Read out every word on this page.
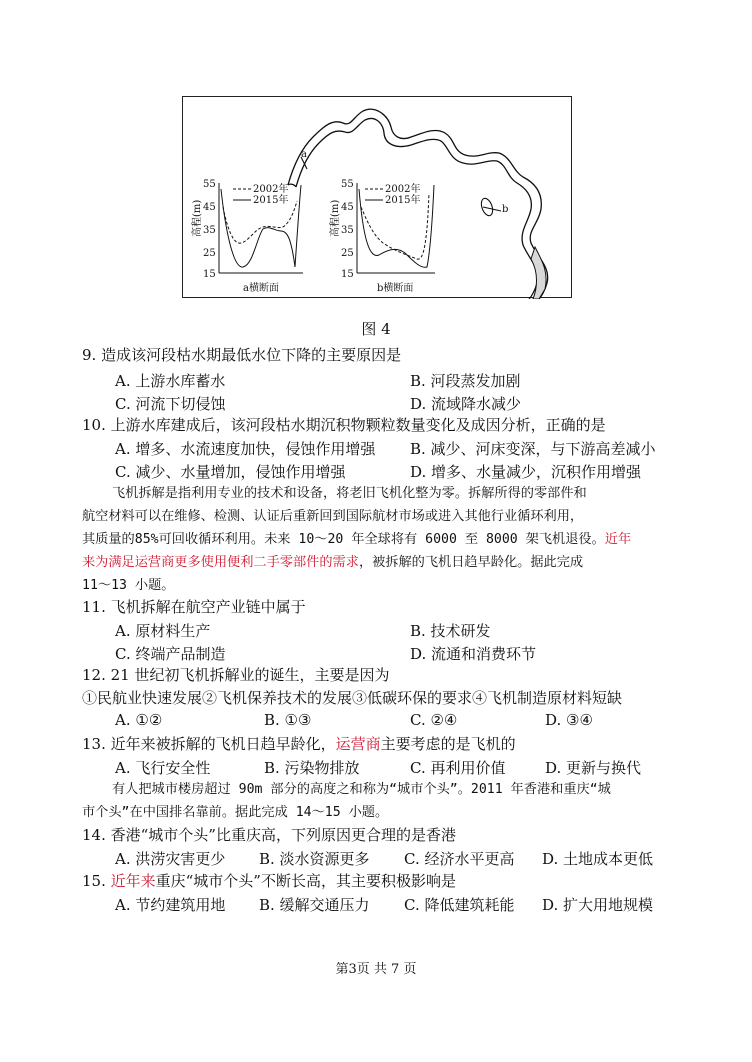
a
b
55
45
35
25
15
高程(m)
2002年
2015年
a横断面
55
45
35
25
15
高程(m)
2002年
2015年
b横断面
图 4
9. 造成该河段枯水期最低水位下降的主要原因是
A. 上游水库蓄水	B. 河段蒸发加剧
C. 河流下切侵蚀	D. 流域降水减少
10. 上游水库建成后，该河段枯水期沉积物颗粒数量变化及成因分析，正确的是
A. 增多、水流速度加快，侵蚀作用增强 B. 减少、河床变深，与下游高差减小
C. 减少、水量增加，侵蚀作用增强	D. 增多、水量减少，沉积作用增强
飞机拆解是指利用专业的技术和设备，将老旧飞机化整为零。拆解所得的零部件和
航空材料可以在维修、检测、认证后重新回到国际航材市场或进入其他行业循环利用，
其质量的85%可回收循环利用。未来 10～20 年全球将有 6000 至 8000 架飞机退役。近年
来为满足运营商更多使用便利二手零部件的需求，被拆解的飞机日趋早龄化。据此完成
11～13 小题。
11. 飞机拆解在航空产业链中属于
A. 原材料生产	B. 技术研发
C. 终端产品制造	D. 流通和消费环节
12. 21 世纪初飞机拆解业的诞生，主要是因为
①民航业快速发展②飞机保养技术的发展③低碳环保的要求④飞机制造原材料短缺
A. ①②	B. ①③	C. ②④	D. ③④
13. 近年来被拆解的飞机日趋早龄化，运营商主要考虑的是飞机的
A. 飞行安全性	B. 污染物排放	C. 再利用价值	D. 更新与换代
有人把城市楼房超过 90m 部分的高度之和称为“城市个头”。2011 年香港和重庆“城
市个头”在中国排名靠前。据此完成 14～15 小题。
14. 香港“城市个头”比重庆高，下列原因更合理的是香港
A. 洪涝灾害更少 B. 淡水资源更多 C. 经济水平更高 D. 土地成本更低
15. 近年来重庆“城市个头”不断长高，其主要积极影响是
A. 节约建筑用地 B. 缓解交通压力 C. 降低建筑耗能 D. 扩大用地规模
第3页 共 7 页
